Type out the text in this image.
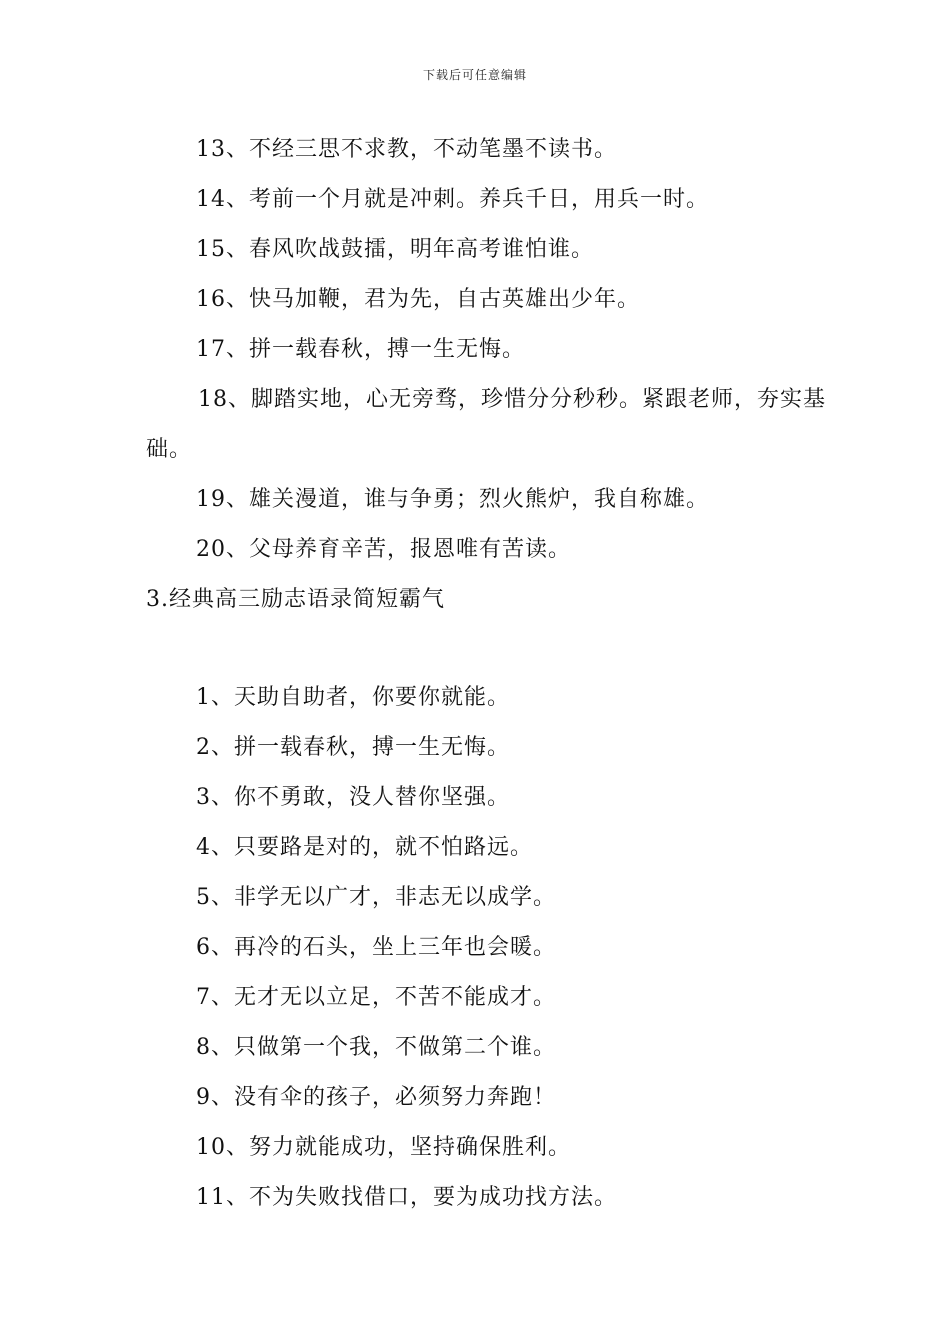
下载后可任意编辑
13、不经三思不求教，不动笔墨不读书。
14、考前一个月就是冲刺。养兵千日，用兵一时。
15、春风吹战鼓擂，明年高考谁怕谁。
16、快马加鞭，君为先，自古英雄出少年。
17、拼一载春秋，搏一生无悔。
18、脚踏实地，心无旁骛，珍惜分分秒秒。紧跟老师，夯实基础。
19、雄关漫道，谁与争勇；烈火熊炉，我自称雄。
20、父母养育辛苦，报恩唯有苦读。
3.经典高三励志语录简短霸气
1、天助自助者，你要你就能。
2、拼一载春秋，搏一生无悔。
3、你不勇敢，没人替你坚强。
4、只要路是对的，就不怕路远。
5、非学无以广才，非志无以成学。
6、再冷的石头，坐上三年也会暖。
7、无才无以立足，不苦不能成才。
8、只做第一个我，不做第二个谁。
9、没有伞的孩子，必须努力奔跑！
10、努力就能成功，坚持确保胜利。
11、不为失败找借口，要为成功找方法。
